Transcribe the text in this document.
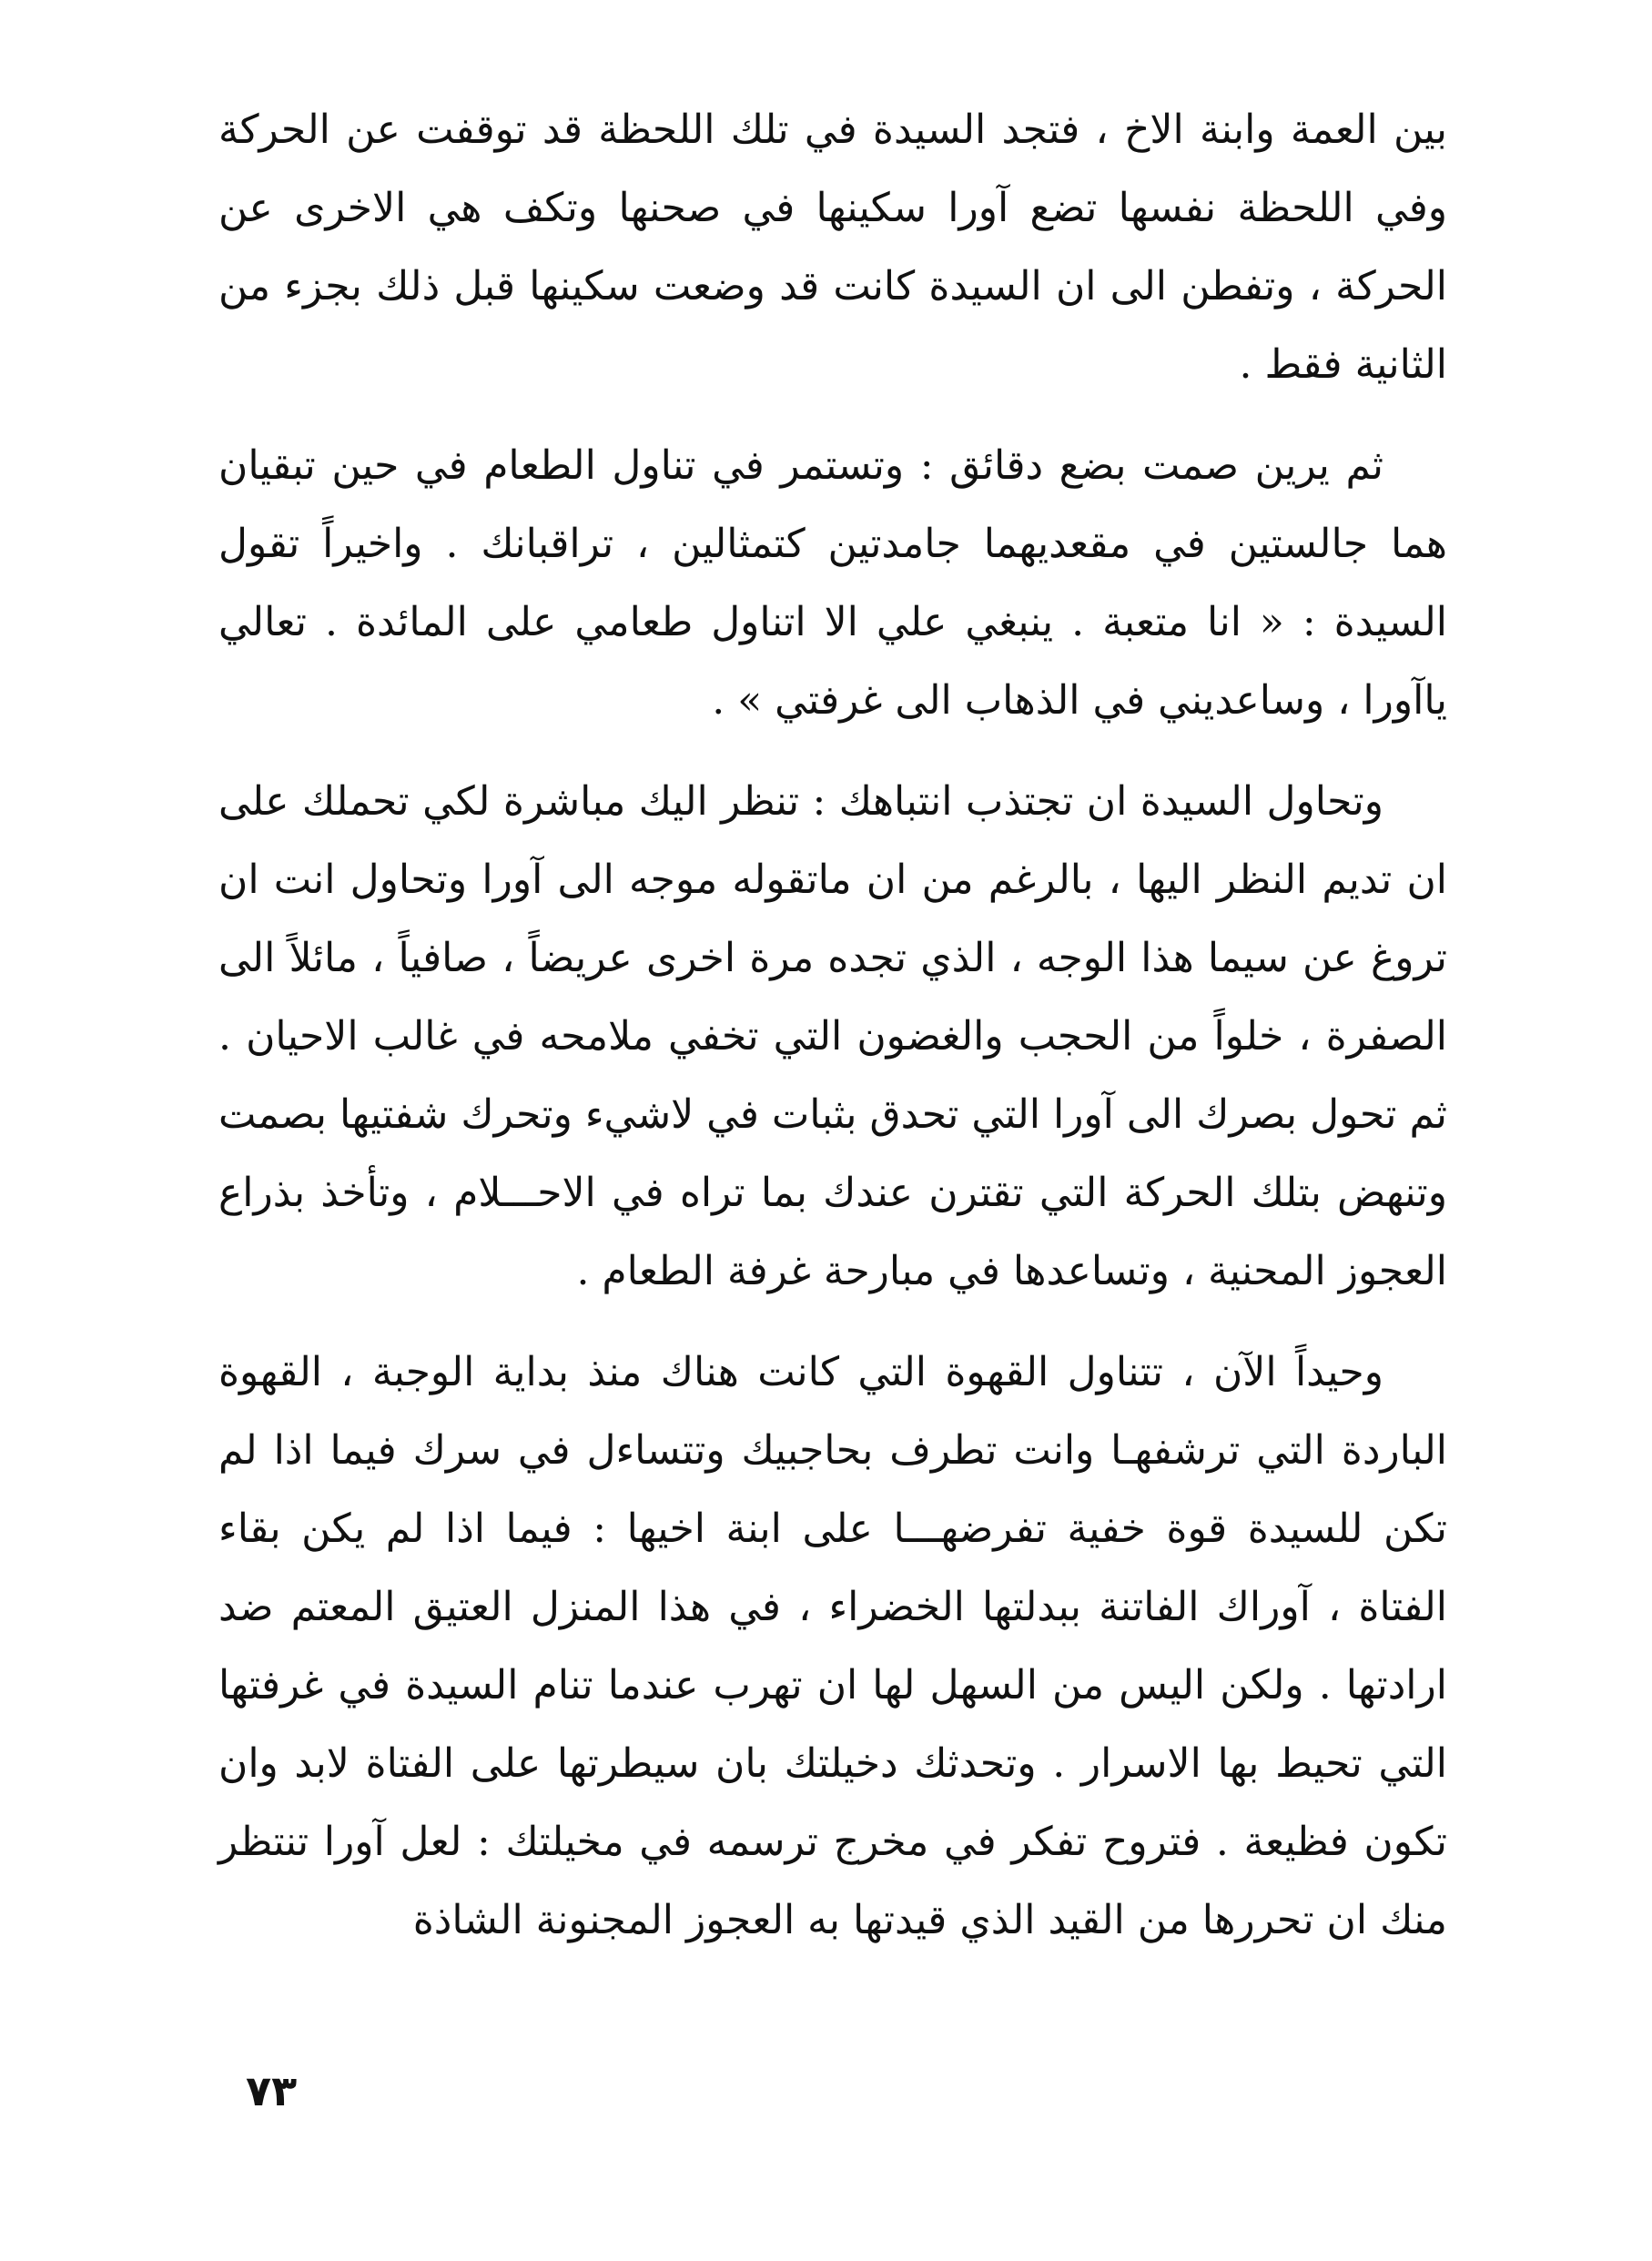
بين العمة وابنة الاخ ، فتجد السيدة في تلك اللحظة قد توقفت عن الحركة وفي اللحظة نفسها تضع آورا سكينها في صحنها وتكف هي الاخرى عن الحركة ، وتفطن الى ان السيدة كانت قد وضعت سكينها قبل ذلك بجزء من الثانية فقط .

ثم يرين صمت بضع دقائق : وتستمر في تناول الطعام في حين تبقيان هما جالستين في مقعديهما جامدتين كتمثالين ، تراقبانك . واخيراً تقول السيدة : « انا متعبة . ينبغي علي الا اتناول طعامي على المائدة . تعالي ياآورا ، وساعديني في الذهاب الى غرفتي » .

وتحاول السيدة ان تجتذب انتباهك : تنظر اليك مباشرة لكي تحملك على ان تديم النظر اليها ، بالرغم من ان ماتقوله موجه الى آورا وتحاول انت ان تروغ عن سيما هذا الوجه ، الذي تجده مرة اخرى عريضاً ، صافياً ، مائلاً الى الصفرة ، خلواً من الحجب والغضون التي تخفي ملامحه في غالب الاحيان . ثم تحول بصرك الى آورا التي تحدق بثبات في لاشيء وتحرك شفتيها بصمت وتنهض بتلك الحركة التي تقترن عندك بما تراه في الاحـــلام ، وتأخذ بذراع العجوز المحنية ، وتساعدها في مبارحة غرفة الطعام .

وحيداً الآن ، تتناول القهوة التي كانت هناك منذ بداية الوجبة ، القهوة الباردة التي ترشفهـا وانت تطرف بحاجبيك وتتساءل في سرك فيما اذا لم تكن للسيدة قوة خفية تفرضهـــا على ابنة اخيها : فيما اذا لم يكن بقاء الفتاة ، آوراك الفاتنة ببدلتها الخضراء ، في هذا المنزل العتيق المعتم ضد ارادتها . ولكن اليس من السهل لها ان تهرب عندما تنام السيدة في غرفتها التي تحيط بها الاسرار . وتحدثك دخيلتك بان سيطرتها على الفتاة لابد وان تكون فظيعة . فتروح تفكر في مخرج ترسمه في مخيلتك : لعل آورا تنتظر منك ان تحررها من القيد الذي قيدتها به العجوز المجنونة الشاذة

٧٣
